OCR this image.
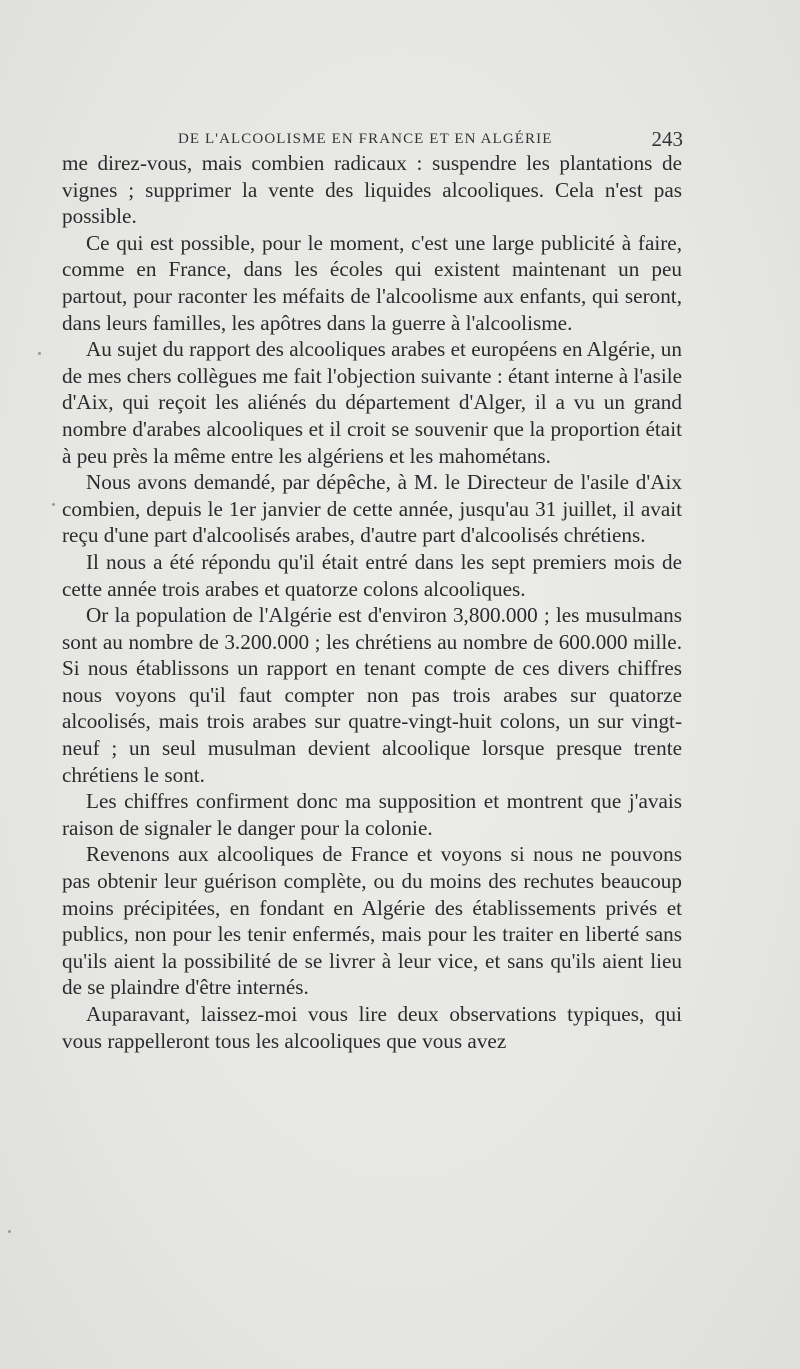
DE L'ALCOOLISME EN FRANCE ET EN ALGÉRIE	243

me direz-vous, mais combien radicaux : suspendre les plantations de vignes ; supprimer la vente des liquides alcooliques. Cela n'est pas possible.

Ce qui est possible, pour le moment, c'est une large publicité à faire, comme en France, dans les écoles qui existent maintenant un peu partout, pour raconter les méfaits de l'alcoolisme aux enfants, qui seront, dans leurs familles, les apôtres dans la guerre à l'alcoolisme.

Au sujet du rapport des alcooliques arabes et européens en Algérie, un de mes chers collègues me fait l'objection suivante : étant interne à l'asile d'Aix, qui reçoit les aliénés du département d'Alger, il a vu un grand nombre d'arabes alcooliques et il croit se souvenir que la proportion était à peu près la même entre les algériens et les mahométans.

Nous avons demandé, par dépêche, à M. le Directeur de l'asile d'Aix combien, depuis le 1er janvier de cette année, jusqu'au 31 juillet, il avait reçu d'une part d'alcoolisés arabes, d'autre part d'alcoolisés chrétiens.

Il nous a été répondu qu'il était entré dans les sept premiers mois de cette année trois arabes et quatorze colons alcooliques.

Or la population de l'Algérie est d'environ 3,800.000 ; les musulmans sont au nombre de 3.200.000 ; les chrétiens au nombre de 600.000 mille. Si nous établissons un rapport en tenant compte de ces divers chiffres nous voyons qu'il faut compter non pas trois arabes sur quatorze alcoolisés, mais trois arabes sur quatre-vingt-huit colons, un sur vingt-neuf ; un seul musulman devient alcoolique lorsque presque trente chrétiens le sont.

Les chiffres confirment donc ma supposition et montrent que j'avais raison de signaler le danger pour la colonie.

Revenons aux alcooliques de France et voyons si nous ne pouvons pas obtenir leur guérison complète, ou du moins des rechutes beaucoup moins précipitées, en fondant en Algérie des établissements privés et publics, non pour les tenir enfermés, mais pour les traiter en liberté sans qu'ils aient la possibilité de se livrer à leur vice, et sans qu'ils aient lieu de se plaindre d'être internés.

Auparavant, laissez-moi vous lire deux observations typiques, qui vous rappelleront tous les alcooliques que vous avez
